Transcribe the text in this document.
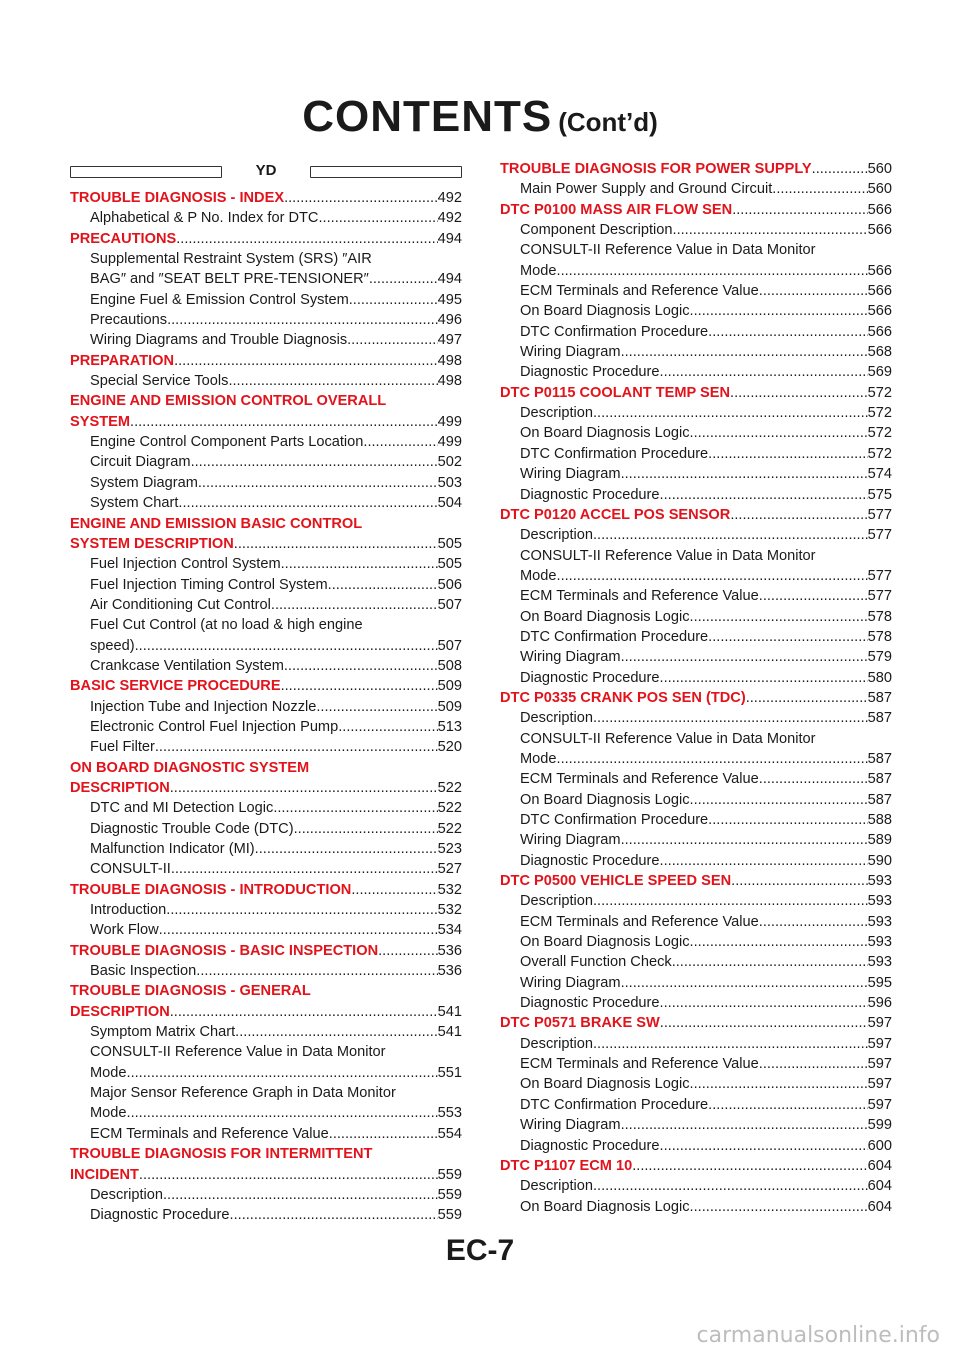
CONTENTS (Cont’d)
YD
TROUBLE DIAGNOSIS - INDEX .....	492
Alphabetical & P No. Index for DTC .....	492
PRECAUTIONS .....	494
Supplemental Restraint System (SRS) ″AIR
BAG″ and ″SEAT BELT PRE-TENSIONER″ .....	494
Engine Fuel & Emission Control System .....	495
Precautions .....	496
Wiring Diagrams and Trouble Diagnosis .....	497
PREPARATION .....	498
Special Service Tools .....	498
ENGINE AND EMISSION CONTROL OVERALL
SYSTEM .....	499
Engine Control Component Parts Location .....	499
Circuit Diagram .....	502
System Diagram .....	503
System Chart .....	504
ENGINE AND EMISSION BASIC CONTROL
SYSTEM DESCRIPTION .....	505
Fuel Injection Control System .....	505
Fuel Injection Timing Control System .....	506
Air Conditioning Cut Control .....	507
Fuel Cut Control (at no load & high engine
speed) .....	507
Crankcase Ventilation System .....	508
BASIC SERVICE PROCEDURE .....	509
Injection Tube and Injection Nozzle .....	509
Electronic Control Fuel Injection Pump .....	513
Fuel Filter .....	520
ON BOARD DIAGNOSTIC SYSTEM
DESCRIPTION .....	522
DTC and MI Detection Logic .....	522
Diagnostic Trouble Code (DTC) .....	522
Malfunction Indicator (MI) .....	523
CONSULT-II .....	527
TROUBLE DIAGNOSIS - INTRODUCTION .....	532
Introduction .....	532
Work Flow .....	534
TROUBLE DIAGNOSIS - BASIC INSPECTION .....	536
Basic Inspection .....	536
TROUBLE DIAGNOSIS - GENERAL
DESCRIPTION .....	541
Symptom Matrix Chart .....	541
CONSULT-II Reference Value in Data Monitor
Mode .....	551
Major Sensor Reference Graph in Data Monitor
Mode .....	553
ECM Terminals and Reference Value .....	554
TROUBLE DIAGNOSIS FOR INTERMITTENT
INCIDENT .....	559
Description .....	559
Diagnostic Procedure .....	559
TROUBLE DIAGNOSIS FOR POWER SUPPLY .....	560
Main Power Supply and Ground Circuit .....	560
DTC P0100 MASS AIR FLOW SEN .....	566
Component Description .....	566
CONSULT-II Reference Value in Data Monitor
Mode .....	566
ECM Terminals and Reference Value .....	566
On Board Diagnosis Logic .....	566
DTC Confirmation Procedure .....	566
Wiring Diagram .....	568
Diagnostic Procedure .....	569
DTC P0115 COOLANT TEMP SEN .....	572
Description .....	572
On Board Diagnosis Logic .....	572
DTC Confirmation Procedure .....	572
Wiring Diagram .....	574
Diagnostic Procedure .....	575
DTC P0120 ACCEL POS SENSOR .....	577
Description .....	577
CONSULT-II Reference Value in Data Monitor
Mode .....	577
ECM Terminals and Reference Value .....	577
On Board Diagnosis Logic .....	578
DTC Confirmation Procedure .....	578
Wiring Diagram .....	579
Diagnostic Procedure .....	580
DTC P0335 CRANK POS SEN (TDC) .....	587
Description .....	587
CONSULT-II Reference Value in Data Monitor
Mode .....	587
ECM Terminals and Reference Value .....	587
On Board Diagnosis Logic .....	587
DTC Confirmation Procedure .....	588
Wiring Diagram .....	589
Diagnostic Procedure .....	590
DTC P0500 VEHICLE SPEED SEN .....	593
Description .....	593
ECM Terminals and Reference Value .....	593
On Board Diagnosis Logic .....	593
Overall Function Check .....	593
Wiring Diagram .....	595
Diagnostic Procedure .....	596
DTC P0571 BRAKE SW .....	597
Description .....	597
ECM Terminals and Reference Value .....	597
On Board Diagnosis Logic .....	597
DTC Confirmation Procedure .....	597
Wiring Diagram .....	599
Diagnostic Procedure .....	600
DTC P1107 ECM 10 .....	604
Description .....	604
On Board Diagnosis Logic .....	604
EC-7
carmanualsonline.info
